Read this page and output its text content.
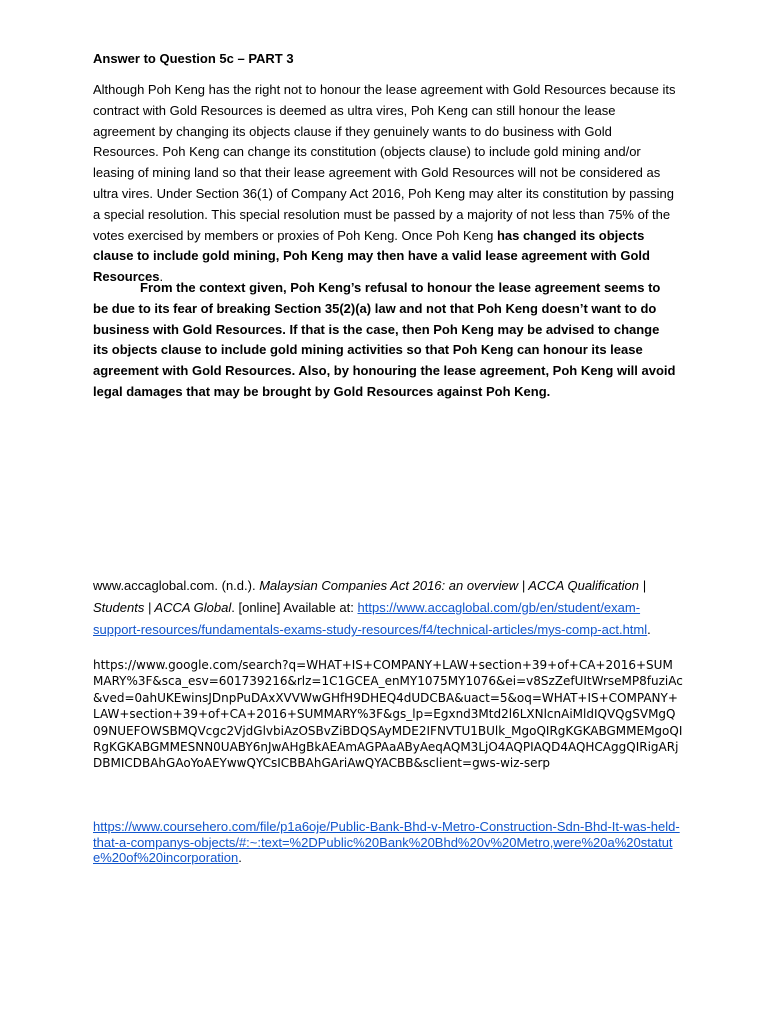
Answer to Question 5c – PART 3

Although Poh Keng has the right not to honour the lease agreement with Gold Resources because its contract with Gold Resources is deemed as ultra vires, Poh Keng can still honour the lease agreement by changing its objects clause if they genuinely wants to do business with Gold Resources. Poh Keng can change its constitution (objects clause) to include gold mining and/or leasing of mining land so that their lease agreement with Gold Resources will not be considered as ultra vires. Under Section 36(1) of Company Act 2016, Poh Keng may alter its constitution by passing a special resolution. This special resolution must be passed by a majority of not less than 75% of the votes exercised by members or proxies of Poh Keng. Once Poh Keng has changed its objects clause to include gold mining, Poh Keng may then have a valid lease agreement with Gold Resources.

From the context given, Poh Keng’s refusal to honour the lease agreement seems to be due to its fear of breaking Section 35(2)(a) law and not that Poh Keng doesn’t want to do business with Gold Resources. If that is the case, then Poh Keng may be advised to change its objects clause to include gold mining activities so that Poh Keng can honour its lease agreement with Gold Resources. Also, by honouring the lease agreement, Poh Keng will avoid legal damages that may be brought by Gold Resources against Poh Keng.

www.accaglobal.com. (n.d.). Malaysian Companies Act 2016: an overview | ACCA Qualification | Students | ACCA Global. [online] Available at: https://www.accaglobal.com/gb/en/student/exam-support-resources/fundamentals-exams-study-resources/f4/technical-articles/mys-comp-act.html.

https://www.google.com/search?q=WHAT+IS+COMPANY+LAW+section+39+of+CA+2016+SUMMARY%3F&sca_esv=601739216&rlz=1C1GCEA_enMY1075MY1076&ei=v8SzZefUItWrseMP8fuziAc&ved=0ahUKEwinsJDnpPuDAxXVVWwGHfH9DHEQ4dUDCBA&uact=5&oq=WHAT+IS+COMPANY+LAW+section+39+of+CA+2016+SUMMARY%3F&gs_lp=Egxnd3Mtd2l6LXNlcnAiMldIQVQgSVMgQ09NUEFOWSBMQVcgc2VjdGlvbiAzOSBvZiBDQSAyMDE2IFNVTU1BUlk_MgoQIRgKGKABGMMEMgoQIRgKGKABGMMESNN0UABY6nJwAHgBkAEAmAGPAaAByAeqAQM3LjO4AQPIAQD4AQHCAggQIRigARjDBMICDBAhGAoYoAEYwwQYCsICBBAhGAriAwQYACBB&sclient=gws-wiz-serp

https://www.coursehero.com/file/p1a6oje/Public-Bank-Bhd-v-Metro-Construction-Sdn-Bhd-It-was-held-that-a-companys-objects/#:~:text=%2DPublic%20Bank%20Bhd%20v%20Metro,were%20a%20statute%20of%20incorporation.
